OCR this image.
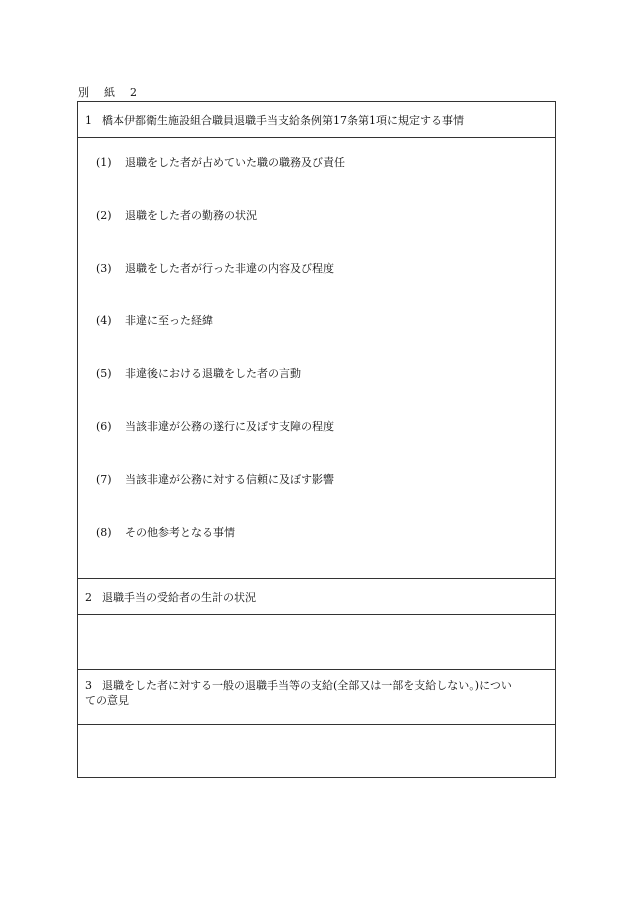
別　紙　2
1 橋本伊都衛生施設組合職員退職手当支給条例第17条第1項に規定する事情
(1) 退職をした者が占めていた職の職務及び責任
(2) 退職をした者の勤務の状況
(3) 退職をした者が行った非違の内容及び程度
(4) 非違に至った経緯
(5) 非違後における退職をした者の言動
(6) 当該非違が公務の遂行に及ぼす支障の程度
(7) 当該非違が公務に対する信頼に及ぼす影響
(8) その他参考となる事情
2 退職手当の受給者の生計の状況
3 退職をした者に対する一般の退職手当等の支給(全部又は一部を支給しない。)につい
ての意見
